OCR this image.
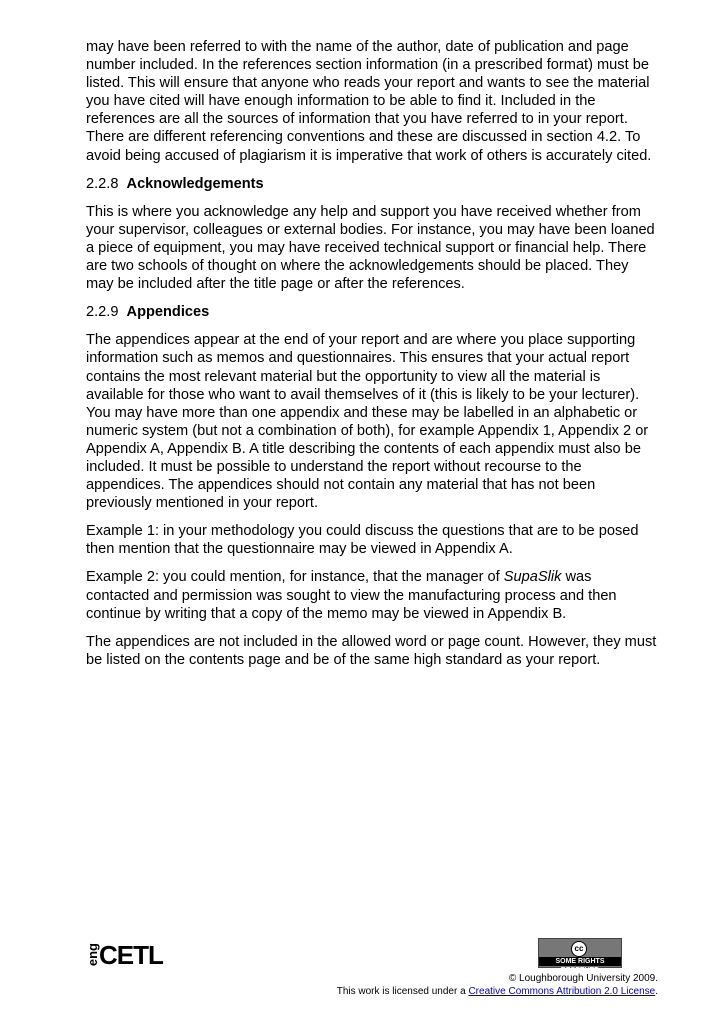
may have been referred to with the name of the author, date of publication and page number included. In the references section information (in a prescribed format) must be listed. This will ensure that anyone who reads your report and wants to see the material you have cited will have enough information to be able to find it. Included in the references are all the sources of information that you have referred to in your report. There are different referencing conventions and these are discussed in section 4.2. To avoid being accused of plagiarism it is imperative that work of others is accurately cited.

2.2.8 Acknowledgements

This is where you acknowledge any help and support you have received whether from your supervisor, colleagues or external bodies. For instance, you may have been loaned a piece of equipment, you may have received technical support or financial help. There are two schools of thought on where the acknowledgements should be placed. They may be included after the title page or after the references.

2.2.9 Appendices

The appendices appear at the end of your report and are where you place supporting information such as memos and questionnaires. This ensures that your actual report contains the most relevant material but the opportunity to view all the material is available for those who want to avail themselves of it (this is likely to be your lecturer). You may have more than one appendix and these may be labelled in an alphabetic or numeric system (but not a combination of both), for example Appendix 1, Appendix 2 or Appendix A, Appendix B. A title describing the contents of each appendix must also be included. It must be possible to understand the report without recourse to the appendices. The appendices should not contain any material that has not been previously mentioned in your report.

Example 1: in your methodology you could discuss the questions that are to be posed then mention that the questionnaire may be viewed in Appendix A.

Example 2: you could mention, for instance, that the manager of SupaSlik was contacted and permission was sought to view the manufacturing process and then continue by writing that a copy of the memo may be viewed in Appendix B.

The appendices are not included in the allowed word or page count. However, they must be listed on the contents page and be of the same high standard as your report.

eng CETL	cc
SOME RIGHTS RESERVED
© Loughborough University 2009.
This work is licensed under a Creative Commons Attribution 2.0 License.
